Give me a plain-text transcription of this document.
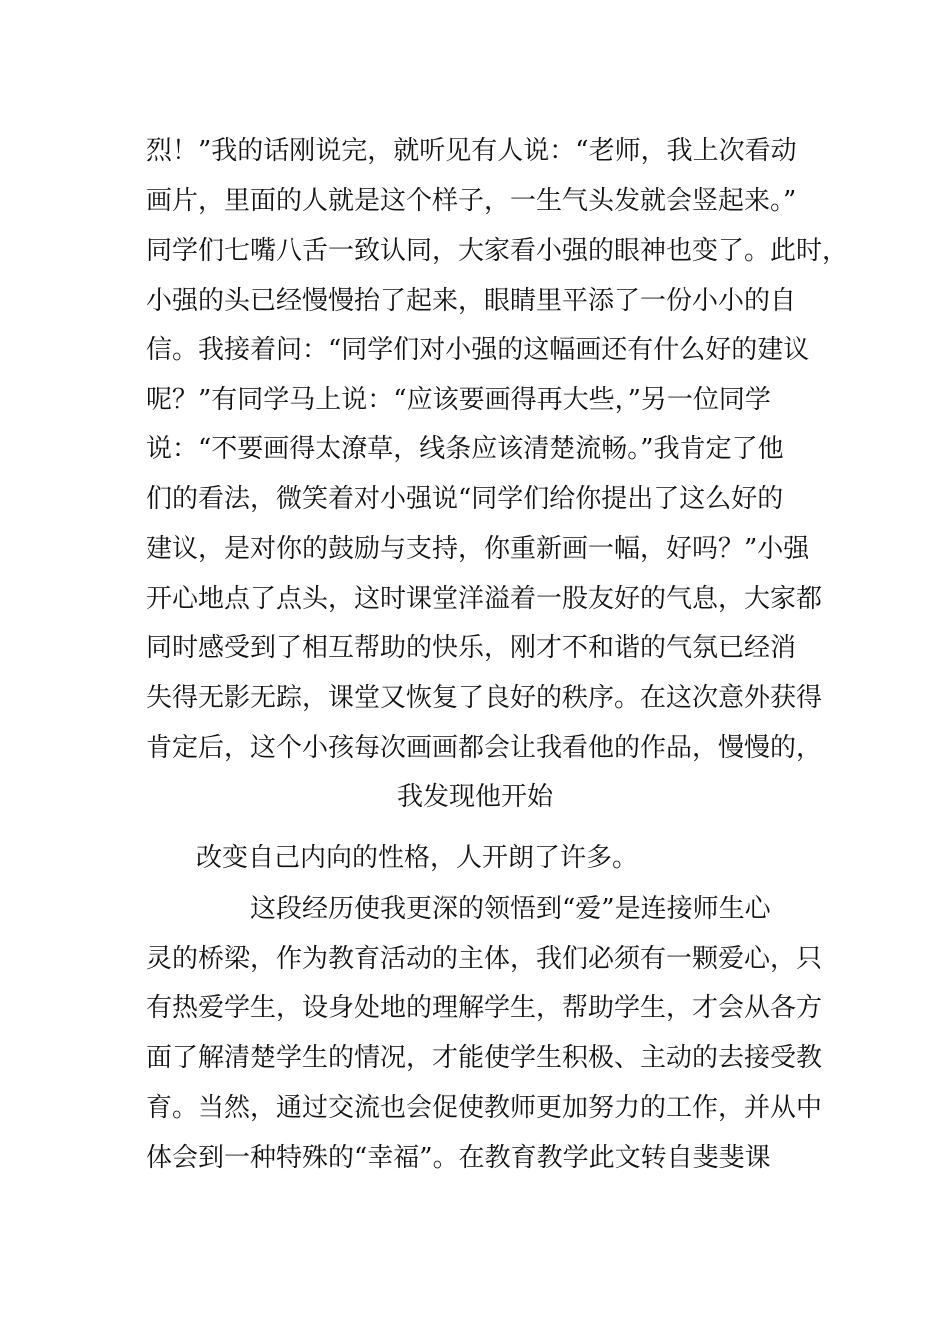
烈！”我的话刚说完，就听见有人说：“老师，我上次看动
画片，里面的人就是这个样子，一生气头发就会竖起来。”
同学们七嘴八舌一致认同，大家看小强的眼神也变了。此时，
小强的头已经慢慢抬了起来，眼睛里平添了一份小小的自
信。我接着问：“同学们对小强的这幅画还有什么好的建议
呢？”有同学马上说：“应该要画得再大些，”另一位同学
说：“不要画得太潦草，线条应该清楚流畅。”我肯定了他
们的看法，微笑着对小强说“同学们给你提出了这么好的
建议，是对你的鼓励与支持，你重新画一幅，好吗？”小强
开心地点了点头，这时课堂洋溢着一股友好的气息，大家都
同时感受到了相互帮助的快乐，刚才不和谐的气氛已经消
失得无影无踪，课堂又恢复了良好的秩序。在这次意外获得
肯定后，这个小孩每次画画都会让我看他的作品，慢慢的，
我发现他开始
改变自己内向的性格，人开朗了许多。
这段经历使我更深的领悟到“爱”是连接师生心
灵的桥梁，作为教育活动的主体，我们必须有一颗爱心，只
有热爱学生，设身处地的理解学生，帮助学生，才会从各方
面了解清楚学生的情况，才能使学生积极、主动的去接受教
育。当然，通过交流也会促使教师更加努力的工作，并从中
体会到一种特殊的“幸福”。在教育教学此文转自斐斐课
